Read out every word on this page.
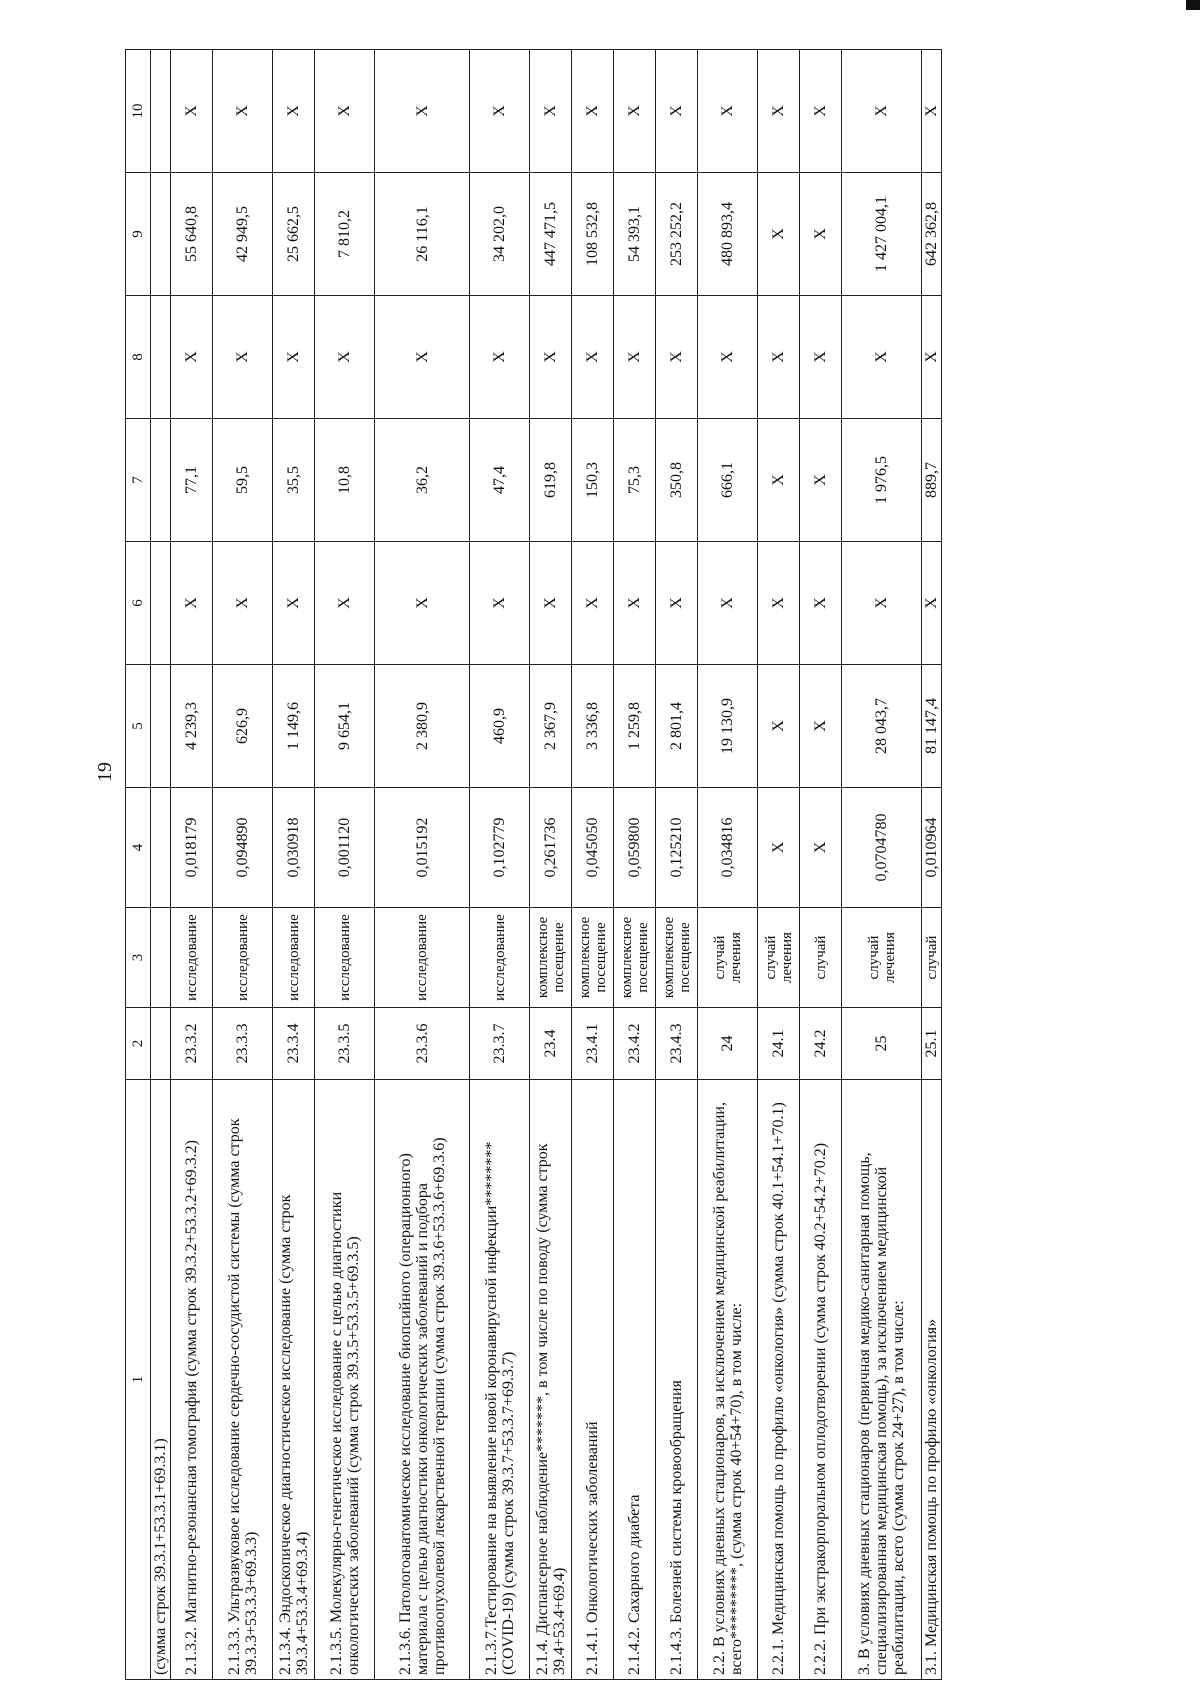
19
1	2	3	4	5	6	7	8	9	10
(сумма строк 39.3.1+53.3.1+69.3.1)									
2.1.3.2. Магнитно-резонансная томография (сумма строк 39.3.2+53.3.2+69.3.2)	23.3.2	исследование	0,018179	4 239,3	Х	77,1	Х	55 640,8	Х
2.1.3.3. Ультразвуковое исследование сердечно-сосудистой системы (сумма строк 39.3.3+53.3.3+69.3.3)	23.3.3	исследование	0,094890	626,9	Х	59,5	Х	42 949,5	Х
2.1.3.4. Эндоскопическое диагностическое исследование (сумма строк 39.3.4+53.3.4+69.3.4)	23.3.4	исследование	0,030918	1 149,6	Х	35,5	Х	25 662,5	Х
2.1.3.5. Молекулярно-генетическое исследование с целью диагностики онкологических заболеваний (сумма строк 39.3.5+53.3.5+69.3.5)	23.3.5	исследование	0,001120	9 654,1	Х	10,8	Х	7 810,2	Х
2.1.3.6. Патологоанатомическое исследование биопсийного (операционного) материала с целью диагностики онкологических заболеваний и подбора противоопухолевой лекарственной терапии (сумма строк 39.3.6+53.3.6+69.3.6)	23.3.6	исследование	0,015192	2 380,9	Х	36,2	Х	26 116,1	Х
2.1.3.7.Тестирование на выявление новой коронавирусной инфекции******** (COVID-19) (сумма строк 39.3.7+53.3.7+69.3.7)	23.3.7	исследование	0,102779	460,9	Х	47,4	Х	34 202,0	Х
2.1.4. Диспансерное наблюдение*******, в том числе по поводу (сумма строк 39.4+53.4+69.4)	23.4	комплексное посещение	0,261736	2 367,9	Х	619,8	Х	447 471,5	Х
2.1.4.1. Онкологических заболеваний	23.4.1	комплексное посещение	0,045050	3 336,8	Х	150,3	Х	108 532,8	Х
2.1.4.2. Сахарного диабета	23.4.2	комплексное посещение	0,059800	1 259,8	Х	75,3	Х	54 393,1	Х
2.1.4.3. Болезней системы кровообращения	23.4.3	комплексное посещение	0,125210	2 801,4	Х	350,8	Х	253 252,2	Х
2.2. В условиях дневных стационаров, за исключением медицинской реабилитации, всего*********, (сумма строк 40+54+70), в том числе:	24	случай лечения	0,034816	19 130,9	Х	666,1	Х	480 893,4	Х
2.2.1. Медицинская помощь по профилю «онкология» (сумма строк 40.1+54.1+70.1)	24.1	случай лечения	Х	Х	Х	Х	Х	Х	Х
2.2.2. При экстракорпоральном оплодотворении (сумма строк 40.2+54.2+70.2)	24.2	случай	Х	Х	Х	Х	Х	Х	Х
3. В условиях дневных стационаров (первичная медико-санитарная помощь, специализированная медицинская помощь), за исключением медицинской реабилитации, всего (сумма строк 24+27), в том числе:	25	случай лечения	0,0704780	28 043,7	Х	1 976,5	Х	1 427 004,1	Х
3.1. Медицинская помощь по профилю «онкология»	25.1	случай	0,010964	81 147,4	Х	889,7	Х	642 362,8	Х
